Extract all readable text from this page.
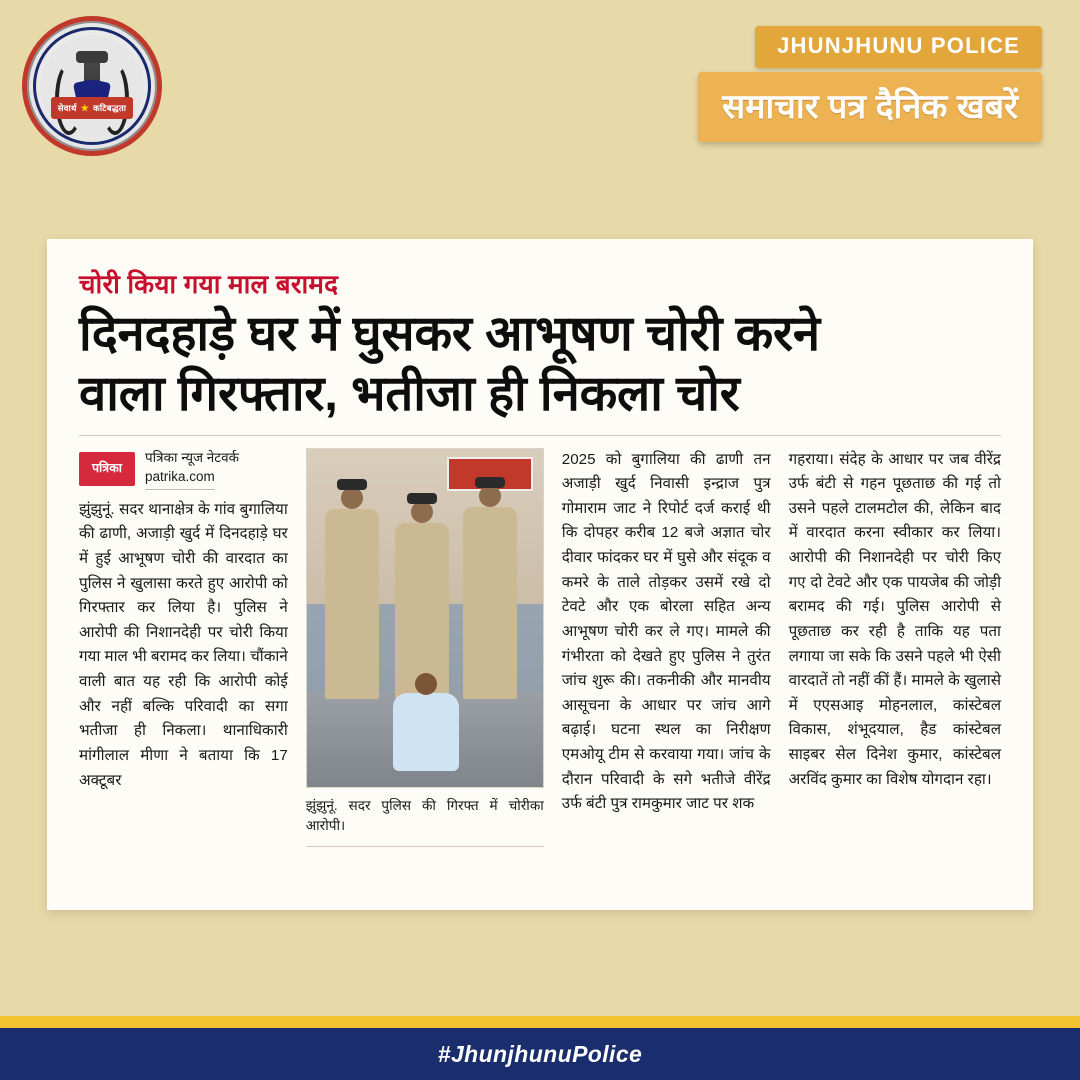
सेवार्थ ★ कटिबद्धता
JHUNJHUNU POLICE
समाचार पत्र दैनिक खबरें
चोरी किया गया माल बरामद
दिनदहाड़े घर में घुसकर आभूषण चोरी करने
वाला गिरफ्तार, भतीजा ही निकला चोर
पत्रिका
पत्रिका न्यूज नेटवर्क
patrika.com
झुंझुनूं. सदर थानाक्षेत्र के गांव बुगालिया की ढाणी, अजाड़ी खुर्द में दिनदहाड़े घर में हुई आभूषण चोरी की वारदात का पुलिस ने खुलासा करते हुए आरोपी को गिरफ्तार कर लिया है। पुलिस ने आरोपी की निशानदेही पर चोरी किया गया माल भी बरामद कर लिया। चौंकाने वाली बात यह रही कि आरोपी कोई और नहीं बल्कि परिवादी का सगा भतीजा ही निकला। थानाधिकारी मांगीलाल मीणा ने बताया कि 17 अक्टूबर
झुंझुनूं. सदर पुलिस की गिरफ्त में चोरीका आरोपी।
2025 को बुगालिया की ढाणी तन अजाड़ी खुर्द निवासी इन्द्राज पुत्र गोमाराम जाट ने रिपोर्ट दर्ज कराई थी कि दोपहर करीब 12 बजे अज्ञात चोर दीवार फांदकर घर में घुसे और संदूक व कमरे के ताले तोड़कर उसमें रखे दो टेवटे और एक बोरला सहित अन्य आभूषण चोरी कर ले गए। मामले की गंभीरता को देखते हुए पुलिस ने तुरंत जांच शुरू की। तकनीकी और मानवीय आसूचना के आधार पर जांच आगे बढ़ाई। घटना स्थल का निरीक्षण एमओयू टीम से करवाया गया। जांच के दौरान परिवादी के सगे भतीजे वीरेंद्र उर्फ बंटी पुत्र रामकुमार जाट पर शक
गहराया। संदेह के आधार पर जब वीरेंद्र उर्फ बंटी से गहन पूछताछ की गई तो उसने पहले टालमटोल की, लेकिन बाद में वारदात करना स्वीकार कर लिया। आरोपी की निशानदेही पर चोरी किए गए दो टेवटे और एक पायजेब की जोड़ी बरामद की गई। पुलिस आरोपी से पूछताछ कर रही है ताकि यह पता लगाया जा सके कि उसने पहले भी ऐसी वारदातें तो नहीं कीं हैं। मामले के खुलासे में एएसआइ मोहनलाल, कांस्टेबल विकास, शंभूदयाल, हैड कांस्टेबल साइबर सेल दिनेश कुमार, कांस्टेबल अरविंद कुमार का विशेष योगदान रहा।
#JhunjhunuPolice
